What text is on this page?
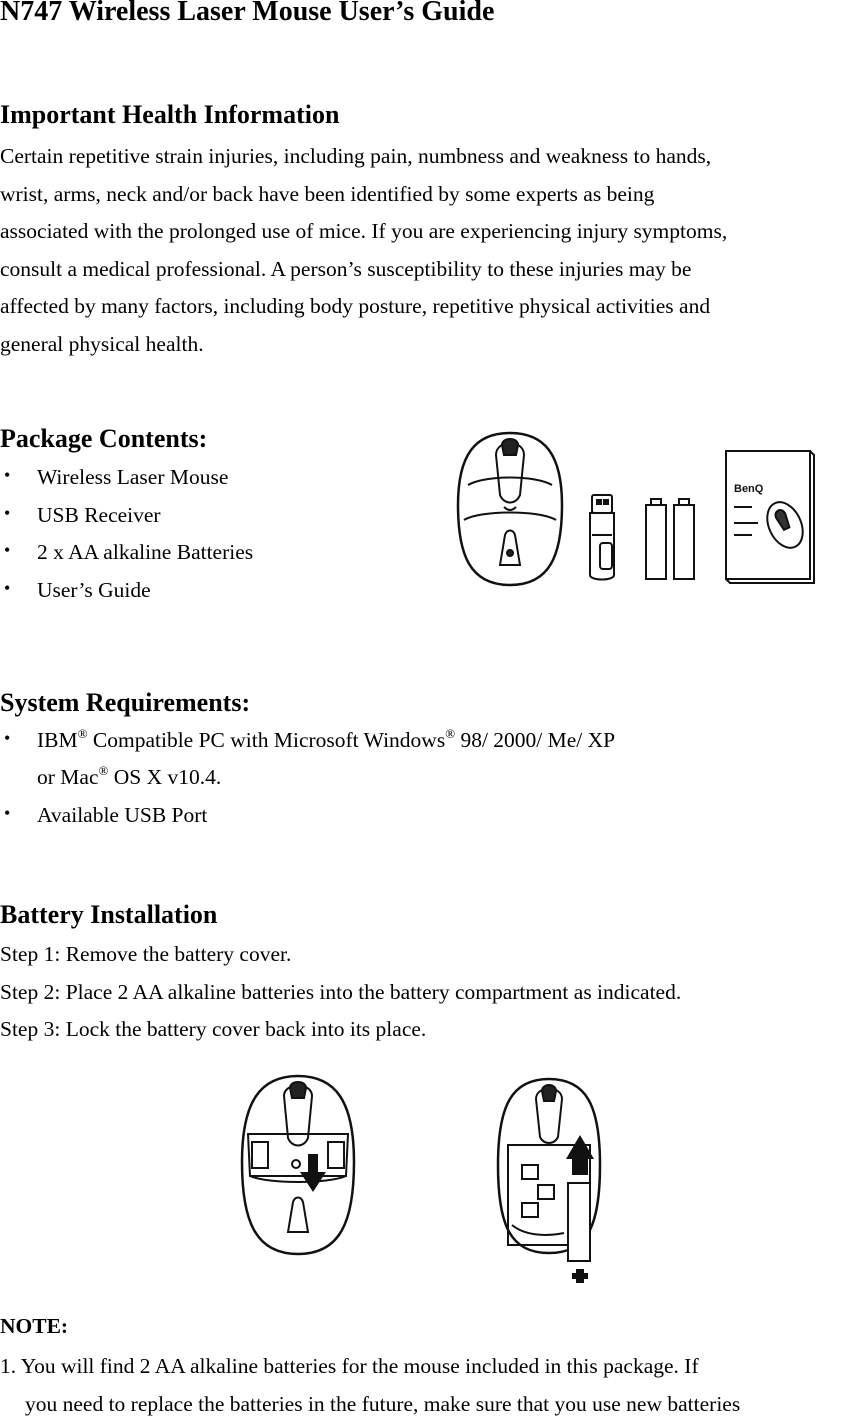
N747 Wireless Laser Mouse User’s Guide
Important Health Information
Certain repetitive strain injuries, including pain, numbness and weakness to hands,
wrist, arms, neck and/or back have been identified by some experts as being
associated with the prolonged use of mice. If you are experiencing injury symptoms,
consult a medical professional. A person’s susceptibility to these injuries may be
affected by many factors, including body posture, repetitive physical activities and
general physical health.
Package Contents:
• Wireless Laser Mouse
• USB Receiver
• 2 x AA alkaline Batteries
• User’s Guide
BenQ
System Requirements:
• IBM® Compatible PC with Microsoft Windows® 98/ 2000/ Me/ XP
or Mac® OS X v10.4.
• Available USB Port
Battery Installation
Step 1: Remove the battery cover.
Step 2: Place 2 AA alkaline batteries into the battery compartment as indicated.
Step 3: Lock the battery cover back into its place.
NOTE:
1. You will find 2 AA alkaline batteries for the mouse included in this package. If
you need to replace the batteries in the future, make sure that you use new batteries
